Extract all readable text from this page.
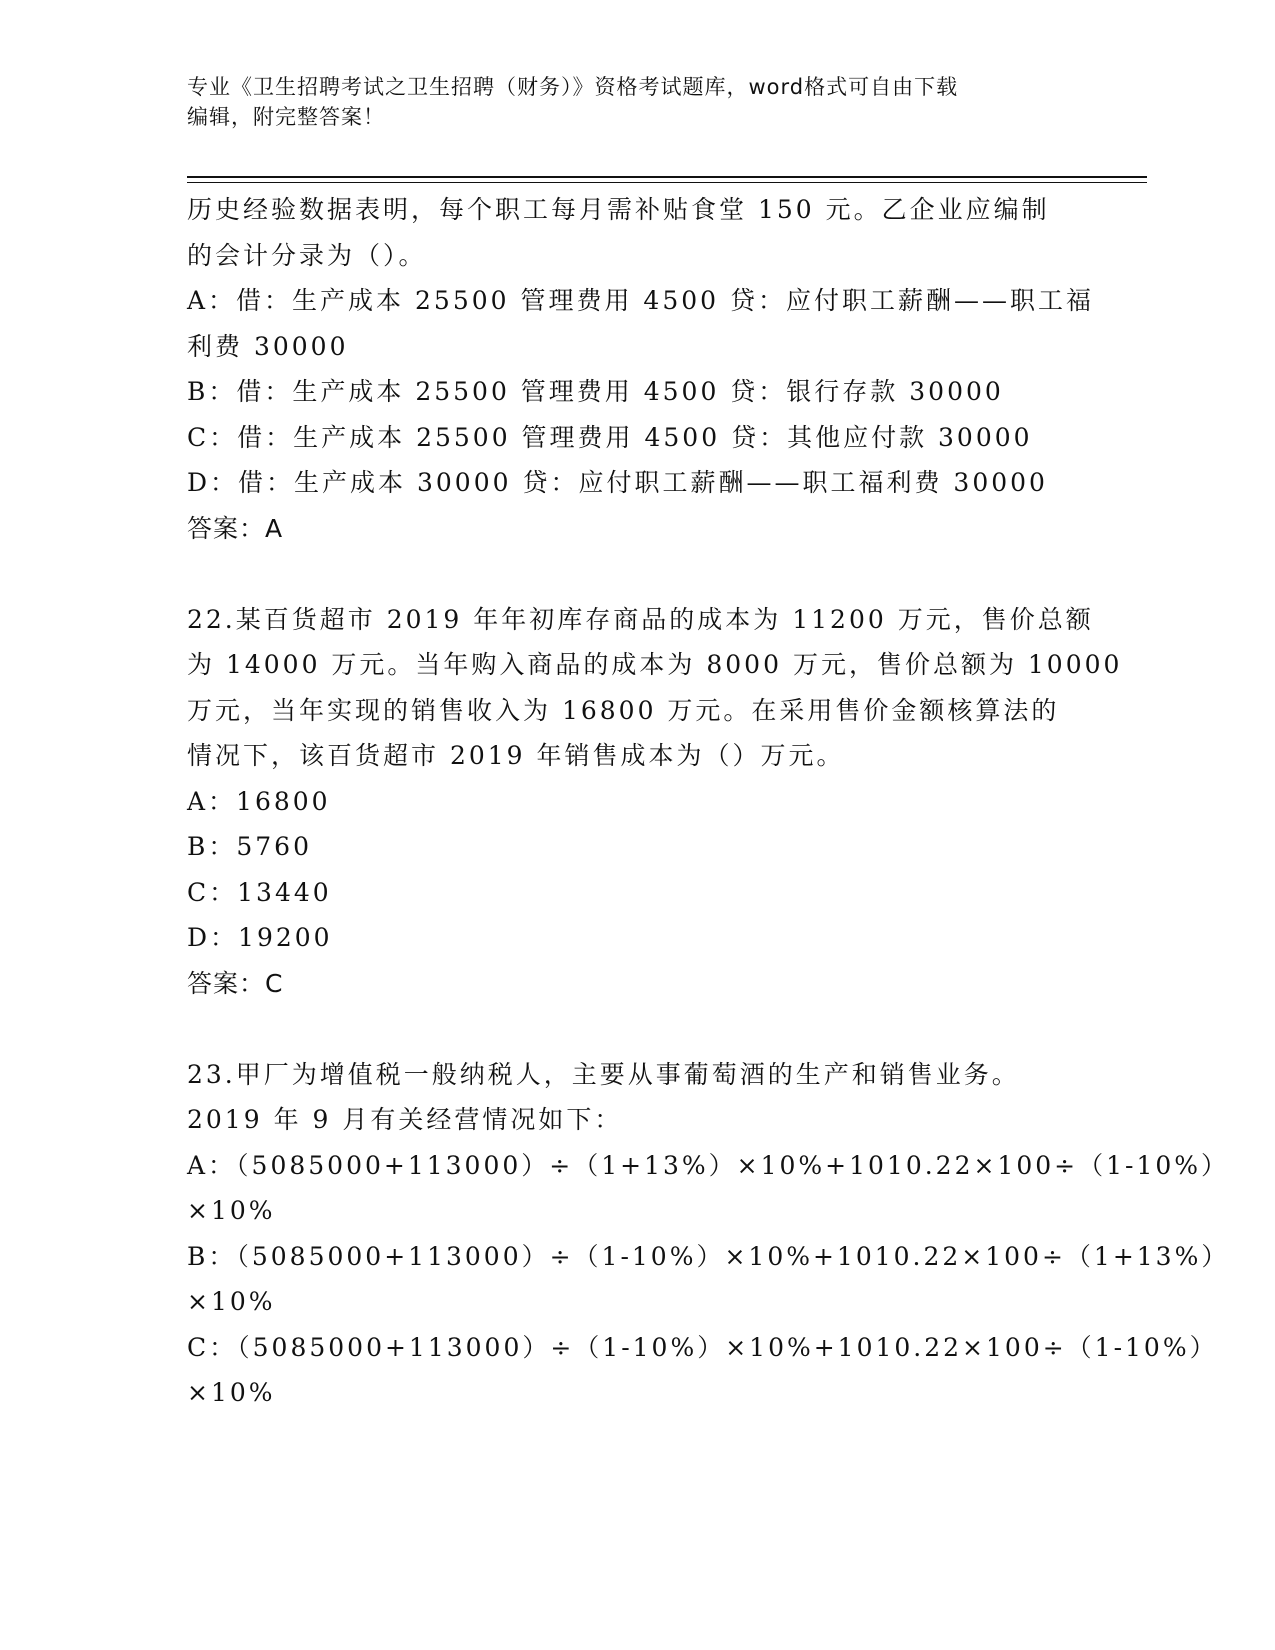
专业《卫生招聘考试之卫生招聘（财务）》资格考试题库，word格式可自由下载
编辑，附完整答案！
历史经验数据表明，每个职工每月需补贴食堂 150 元。乙企业应编制
的会计分录为（）。
A：借：生产成本 25500 管理费用 4500 贷：应付职工薪酬——职工福
利费 30000
B：借：生产成本 25500 管理费用 4500 贷：银行存款 30000
C：借：生产成本 25500 管理费用 4500 贷：其他应付款 30000
D：借：生产成本 30000 贷：应付职工薪酬——职工福利费 30000
答案：A
22.某百货超市 2019 年年初库存商品的成本为 11200 万元，售价总额
为 14000 万元。当年购入商品的成本为 8000 万元，售价总额为 10000
万元，当年实现的销售收入为 16800 万元。在采用售价金额核算法的
情况下，该百货超市 2019 年销售成本为（）万元。
A：16800
B：5760
C：13440
D：19200
答案：C
23.甲厂为增值税一般纳税人，主要从事葡萄酒的生产和销售业务。
2019 年 9 月有关经营情况如下：
A：（5085000+113000）÷（1+13%）×10%+1010.22×100÷（1-10%）
×10%
B：（5085000+113000）÷（1-10%）×10%+1010.22×100÷（1+13%）
×10%
C：（5085000+113000）÷（1-10%）×10%+1010.22×100÷（1-10%）
×10%
